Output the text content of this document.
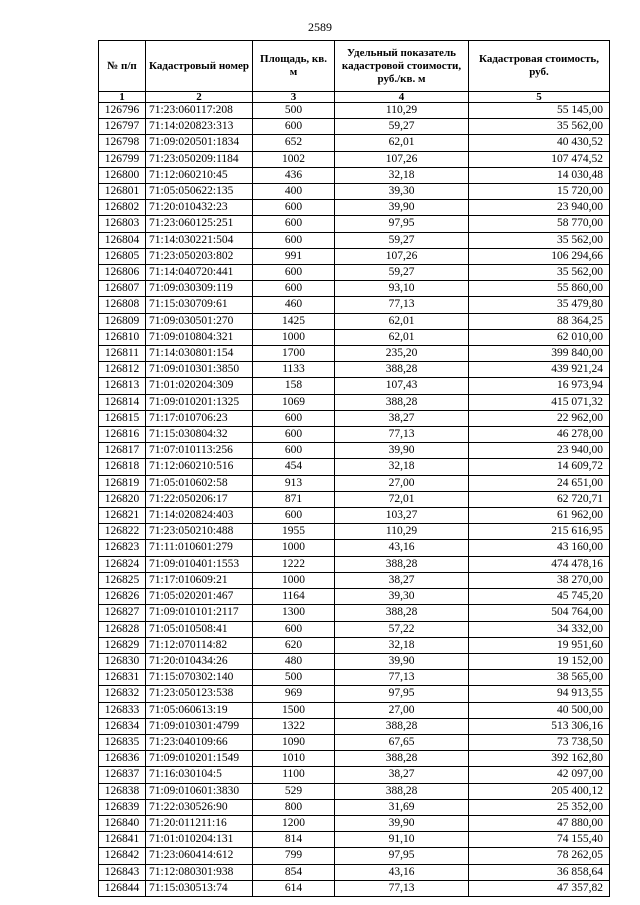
2589
№ п/п	Кадастровый номер	Площадь, кв. м	Удельный показатель кадастровой стоимости, руб./кв. м	Кадастровая стоимость, руб.
1	2	3	4	5
126796	71:23:060117:208	500	110,29	55 145,00
126797	71:14:020823:313	600	59,27	35 562,00
126798	71:09:020501:1834	652	62,01	40 430,52
126799	71:23:050209:1184	1002	107,26	107 474,52
126800	71:12:060210:45	436	32,18	14 030,48
126801	71:05:050622:135	400	39,30	15 720,00
126802	71:20:010432:23	600	39,90	23 940,00
126803	71:23:060125:251	600	97,95	58 770,00
126804	71:14:030221:504	600	59,27	35 562,00
126805	71:23:050203:802	991	107,26	106 294,66
126806	71:14:040720:441	600	59,27	35 562,00
126807	71:09:030309:119	600	93,10	55 860,00
126808	71:15:030709:61	460	77,13	35 479,80
126809	71:09:030501:270	1425	62,01	88 364,25
126810	71:09:010804:321	1000	62,01	62 010,00
126811	71:14:030801:154	1700	235,20	399 840,00
126812	71:09:010301:3850	1133	388,28	439 921,24
126813	71:01:020204:309	158	107,43	16 973,94
126814	71:09:010201:1325	1069	388,28	415 071,32
126815	71:17:010706:23	600	38,27	22 962,00
126816	71:15:030804:32	600	77,13	46 278,00
126817	71:07:010113:256	600	39,90	23 940,00
126818	71:12:060210:516	454	32,18	14 609,72
126819	71:05:010602:58	913	27,00	24 651,00
126820	71:22:050206:17	871	72,01	62 720,71
126821	71:14:020824:403	600	103,27	61 962,00
126822	71:23:050210:488	1955	110,29	215 616,95
126823	71:11:010601:279	1000	43,16	43 160,00
126824	71:09:010401:1553	1222	388,28	474 478,16
126825	71:17:010609:21	1000	38,27	38 270,00
126826	71:05:020201:467	1164	39,30	45 745,20
126827	71:09:010101:2117	1300	388,28	504 764,00
126828	71:05:010508:41	600	57,22	34 332,00
126829	71:12:070114:82	620	32,18	19 951,60
126830	71:20:010434:26	480	39,90	19 152,00
126831	71:15:070302:140	500	77,13	38 565,00
126832	71:23:050123:538	969	97,95	94 913,55
126833	71:05:060613:19	1500	27,00	40 500,00
126834	71:09:010301:4799	1322	388,28	513 306,16
126835	71:23:040109:66	1090	67,65	73 738,50
126836	71:09:010201:1549	1010	388,28	392 162,80
126837	71:16:030104:5	1100	38,27	42 097,00
126838	71:09:010601:3830	529	388,28	205 400,12
126839	71:22:030526:90	800	31,69	25 352,00
126840	71:20:011211:16	1200	39,90	47 880,00
126841	71:01:010204:131	814	91,10	74 155,40
126842	71:23:060414:612	799	97,95	78 262,05
126843	71:12:080301:938	854	43,16	36 858,64
126844	71:15:030513:74	614	77,13	47 357,82
